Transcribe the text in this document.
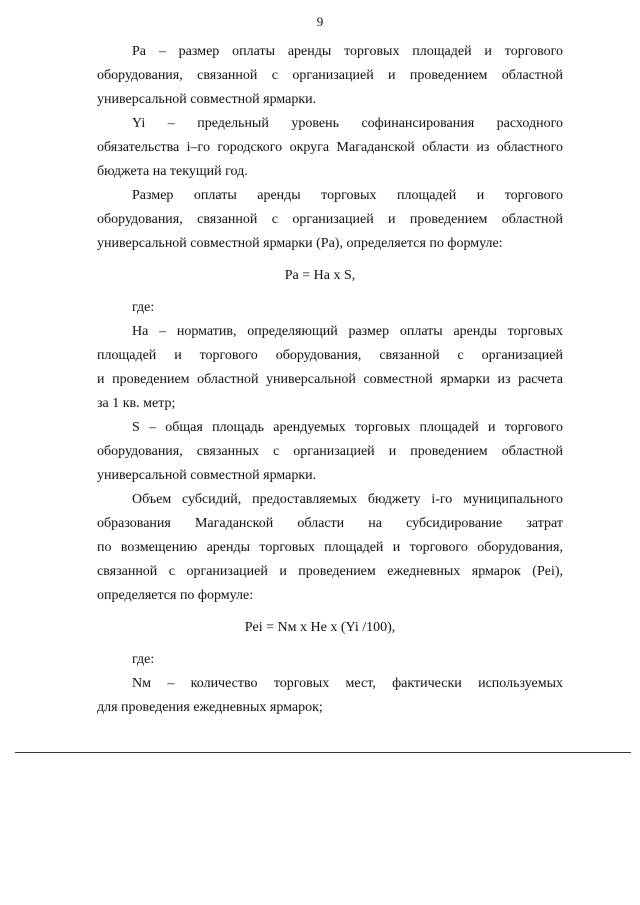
9
Ра – размер оплаты аренды торговых площадей и торгового
оборудования, связанной с организацией и проведением областной
универсальной совместной ярмарки.
Yi – предельный уровень софинансирования расходного
обязательства i–го городского округа Магаданской области из областного
бюджета на текущий год.
Размер оплаты аренды торговых площадей и торгового
оборудования, связанной с организацией и проведением областной
универсальной совместной ярмарки (Ра), определяется по формуле:
Ра = На х S,
где:
На – норматив, определяющий размер оплаты аренды торговых
площадей и торгового оборудования, связанной с организацией
и проведением областной универсальной совместной ярмарки из расчета
за 1 кв. метр;
S – общая площадь арендуемых торговых площадей и торгового
оборудования, связанных с организацией и проведением областной
универсальной совместной ярмарки.
Объем субсидий, предоставляемых бюджету i-го муниципального
образования Магаданской области на субсидирование затрат
по возмещению аренды торговых площадей и торгового оборудования,
связанной с организацией и проведением ежедневных ярмарок (Рei),
определяется по формуле:
Рei = Nм х Hе х (Yi /100),
где:
Nм – количество торговых мест, фактически используемых
для проведения ежедневных ярмарок;
